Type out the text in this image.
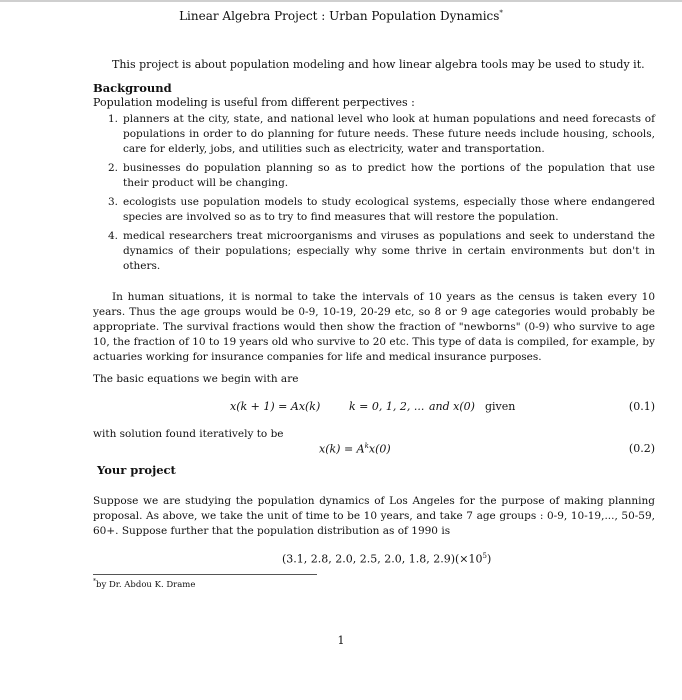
Linear Algebra Project : Urban Population Dynamics*

This project is about population modeling and how linear algebra tools may be used to study it.

Background
Population modeling is useful from different perpectives :
1. planners at the city, state, and national level who look at human populations and need forecasts of populations in order to do planning for future needs. These future needs include housing, schools, care for elderly, jobs, and utilities such as electricity, water and transportation.
2. businesses do population planning so as to predict how the portions of the population that use their product will be changing.
3. ecologists use population models to study ecological systems, especially those where endangered species are involved so as to try to find measures that will restore the population.
4. medical researchers treat microorganisms and viruses as populations and seek to understand the dynamics of their populations; especially why some thrive in certain environments but don't in others.

In human situations, it is normal to take the intervals of 10 years as the census is taken every 10 years. Thus the age groups would be 0-9, 10-19, 20-29 etc, so 8 or 9 age categories would probably be appropriate. The survival fractions would then show the fraction of "newborns" (0-9) who survive to age 10, the fraction of 10 to 19 years old who survive to 20 etc. This type of data is compiled, for example, by actuaries working for insurance companies for life and medical insurance purposes.

The basic equations we begin with are

x(k + 1) = Ax(k)	k = 0, 1, 2, ... and x(0) given	(0.1)

with solution found iteratively to be

$x(k) = A^kx(0)$	(0.2)
Your project

Suppose we are studying the population dynamics of Los Angeles for the purpose of making planning proposal. As above, we take the unit of time to be 10 years, and take 7 age groups : 0-9, 10-19,..., 50-59, 60+. Suppose further that the population distribution as of 1990 is

(3.1, 2.8, 2.0, 2.5, 2.0, 1.8, $2.9)(\times 10^5)$
*by Dr. Abdou K. Drame
1
